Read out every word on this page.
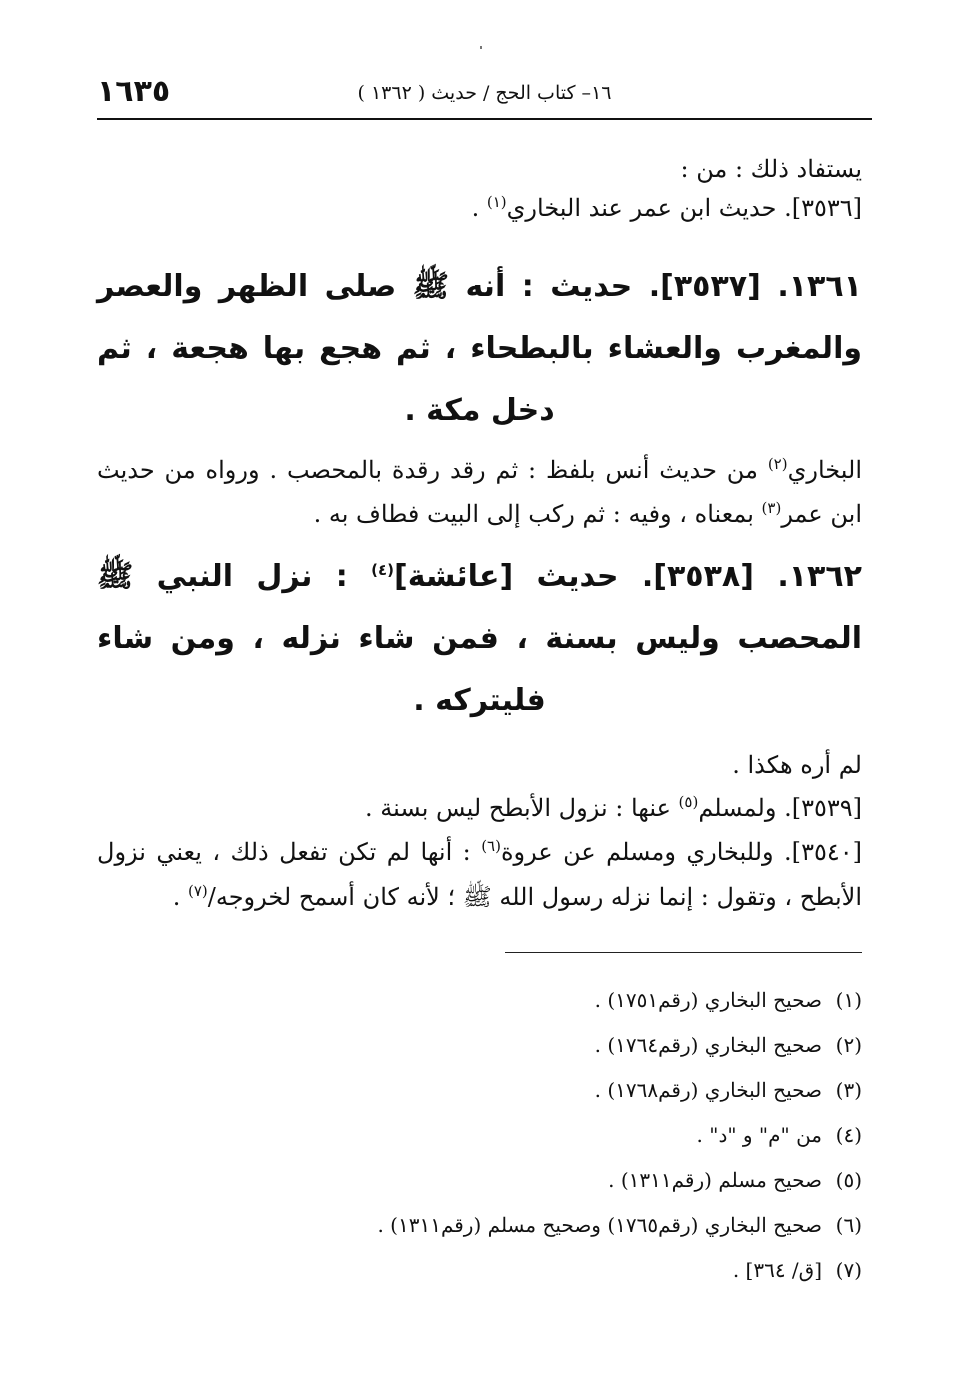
١٦– كتاب الحج / حديث ( ١٣٦٢ )
١٦٣٥

يستفاد ذلك : من :

[٣٥٣٦]. حديث ابن عمر عند البخاري$^{(١)}$ .

١٣٦١. [٣٥٣٧]. حديث : أنه ﷺ صلى الظهر والعصر والمغرب والعشاء بالبطحاء ، ثم هجع بها هجعة ، ثم دخل مكة .

البخاري$^{(٢)}$ من حديث أنس بلفظ : ثم رقد رقدة بالمحصب . ورواه من حديث ابن عمر$^{(٣)}$ بمعناه ، وفيه : ثم ركب إلى البيت فطاف به .

١٣٦٢. [٣٥٣٨]. حديث [عائشة]$^{(٤)}$ : نزل النبي ﷺ المحصب وليس بسنة ، فمن شاء نزله ، ومن شاء فليتركه .

لم أره هكذا .

[٣٥٣٩]. ولمسلم$^{(٥)}$ عنها : نزول الأبطح ليس بسنة .

[٣٥٤٠]. وللبخاري ومسلم عن عروة$^{(٦)}$ : أنها لم تكن تفعل ذلك ، يعني نزول الأبطح ، وتقول : إنما نزله رسول الله ﷺ ؛ لأنه كان أسمح لخروجه/$^{(٧)}$ .

(١)صحيح البخاري (رقم١٧٥١) .

(٢)صحيح البخاري (رقم١٧٦٤) .

(٣)صحيح البخاري (رقم١٧٦٨) .

(٤)من "م" و "د" .

(٥)صحيح مسلم (رقم١٣١١) .

(٦)صحيح البخاري (رقم١٧٦٥) وصحيح مسلم (رقم١٣١١) .

(٧)[ق/ ٣٦٤] .
